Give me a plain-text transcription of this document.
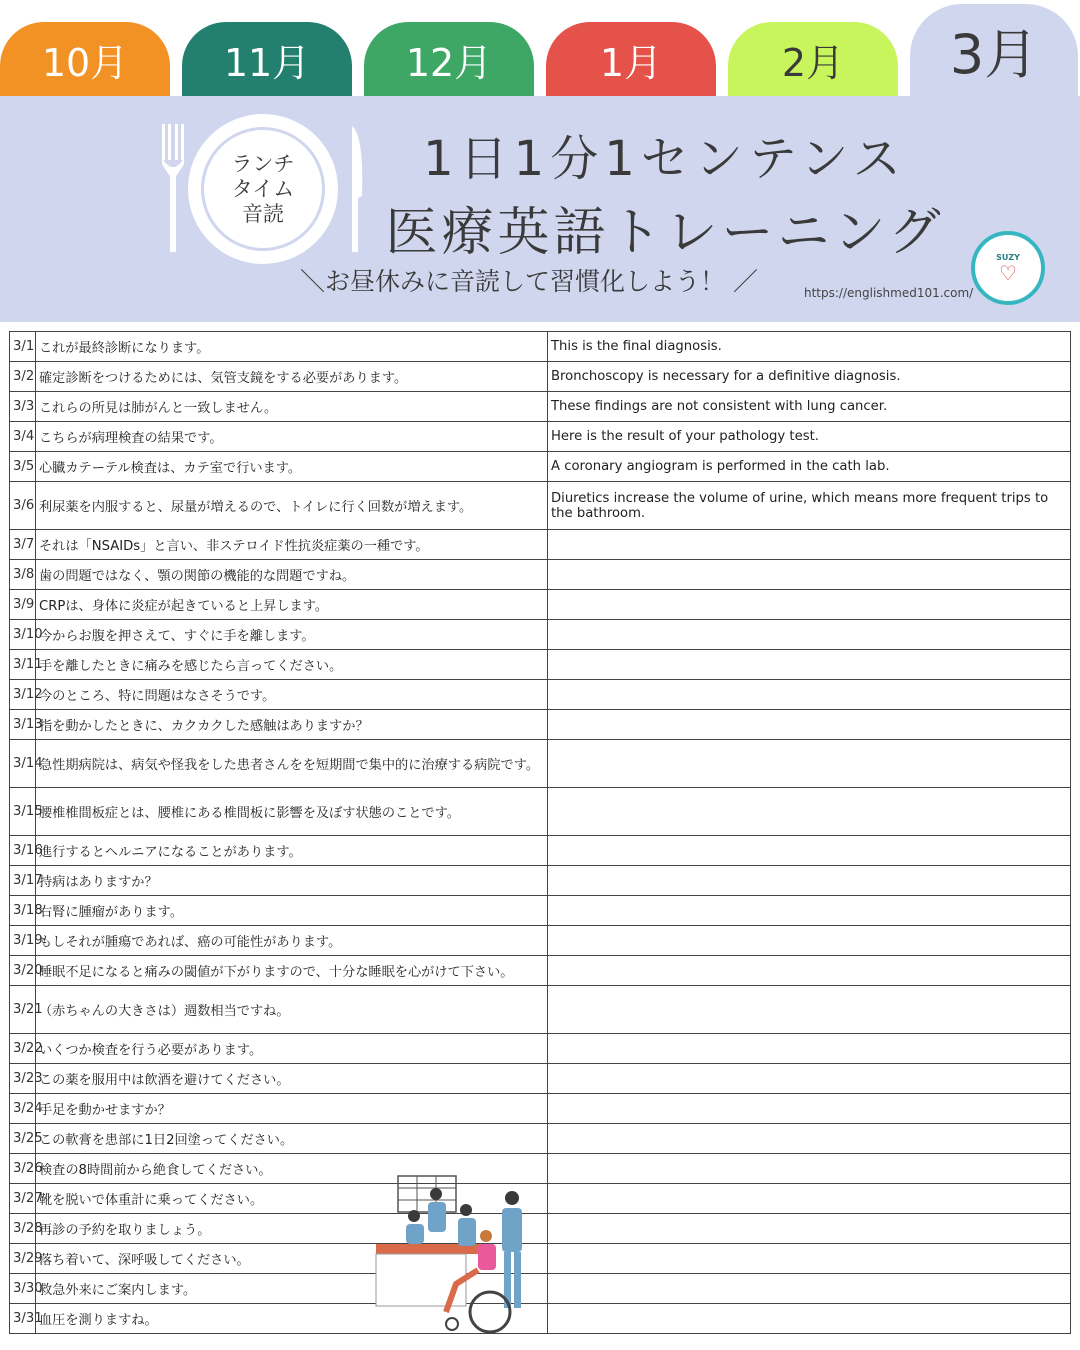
10月	11月	12月	1月	2月	3月
ランチ
タイム
音読
1日1分1センテンス
医療英語トレーニング
＼お昼休みに音読して習慣化しよう！ ／	https://englishmed101.com/
SUZY
♡
3/1	これが最終診断になります。	This is the final diagnosis.
3/2	確定診断をつけるためには、気管支鏡をする必要があります。	Bronchoscopy is necessary for a definitive diagnosis.
3/3	これらの所見は肺がんと一致しません。	These findings are not consistent with lung cancer.
3/4	こちらが病理検査の結果です。	Here is the result of your pathology test.
3/5	心臓カテーテル検査は、カテ室で行います。	A coronary angiogram is performed in the cath lab.
3/6	利尿薬を内服すると、尿量が増えるので、トイレに行く回数が増えます。	Diuretics increase the volume of urine, which means more frequent trips to the bathroom.
3/7	それは「NSAIDs」と言い、非ステロイド性抗炎症薬の一種です。	
3/8	歯の問題ではなく、顎の関節の機能的な問題ですね。	
3/9	CRPは、身体に炎症が起きていると上昇します。	
3/10	今からお腹を押さえて、すぐに手を離します。	
3/11	手を離したときに痛みを感じたら言ってください。	
3/12	今のところ、特に問題はなさそうです。	
3/13	指を動かしたときに、カクカクした感触はありますか？	
3/14	急性期病院は、病気や怪我をした患者さんをを短期間で集中的に治療する病院です。	
3/15	腰椎椎間板症とは、腰椎にある椎間板に影響を及ぼす状態のことです。	
3/16	進行するとヘルニアになることがあります。	
3/17	持病はありますか？	
3/18	右腎に腫瘤があります。	
3/19	もしそれが腫瘍であれば、癌の可能性があります。	
3/20	睡眠不足になると痛みの閾値が下がりますので、十分な睡眠を心がけて下さい。	
3/21	（赤ちゃんの大きさは）週数相当ですね。	
3/22	いくつか検査を行う必要があります。	
3/23	この薬を服用中は飲酒を避けてください。	
3/24	手足を動かせますか？	
3/25	この軟膏を患部に1日2回塗ってください。	
3/26	検査の8時間前から絶食してください。	
3/27	靴を脱いで体重計に乗ってください。	
3/28	再診の予約を取りましょう。	
3/29	落ち着いて、深呼吸してください。	
3/30	救急外来にご案内します。	
3/31	血圧を測りますね。	
